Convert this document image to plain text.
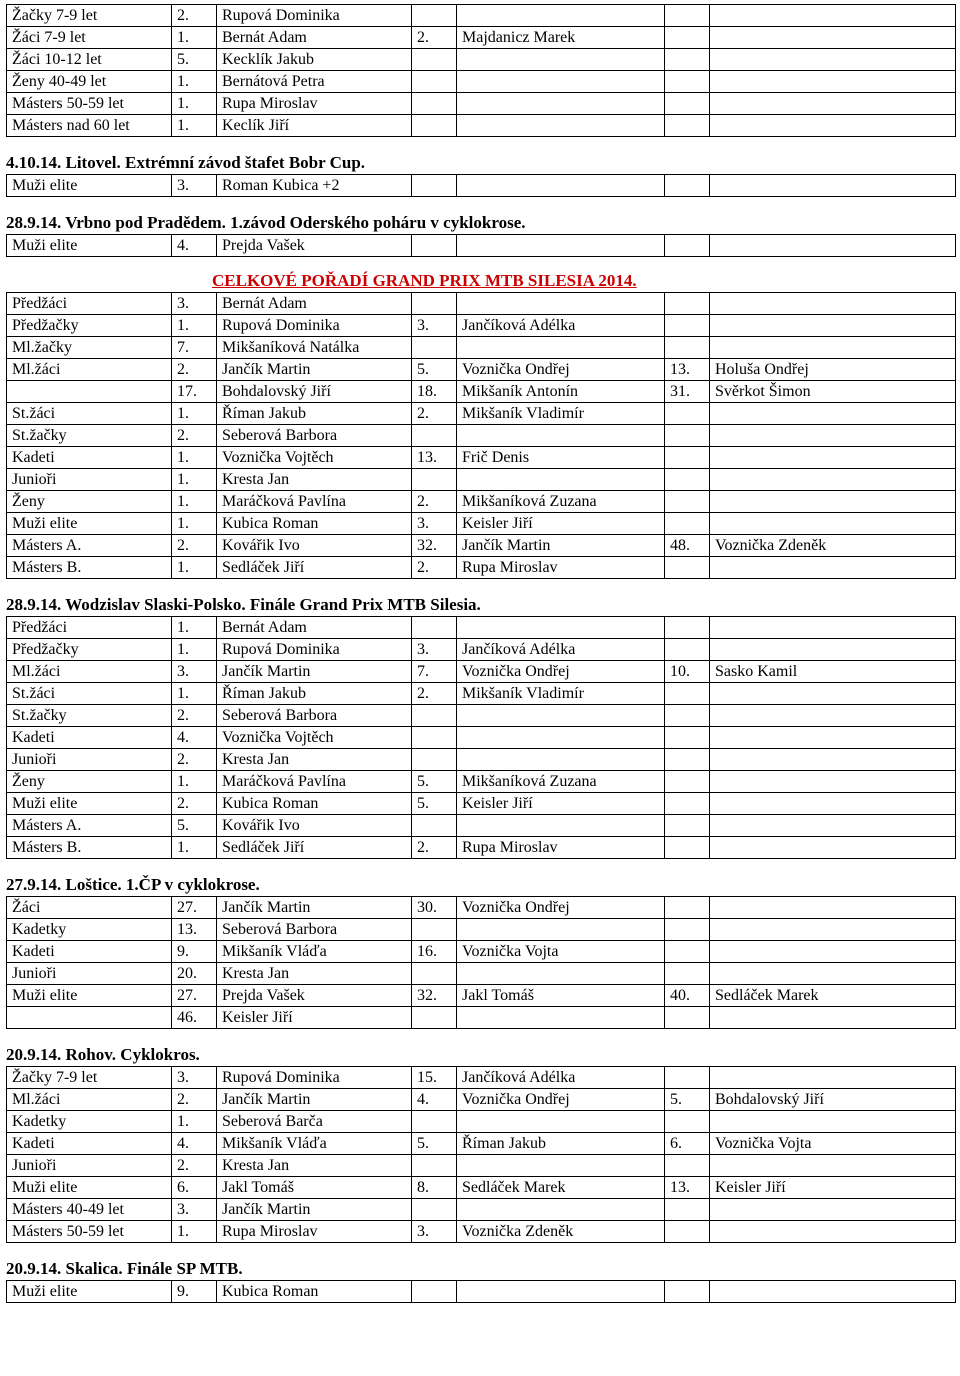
Žačky 7-9 let	2.	Rupová Dominika				
Žáci 7-9 let	1.	Bernát Adam	2.	Majdanicz Marek		
Žáci 10-12 let	5.	Kecklík Jakub				
Ženy 40-49 let	1.	Bernátová Petra				
Másters 50-59 let	1.	Rupa Miroslav				
Másters nad 60 let	1.	Keclík Jiří				
4.10.14. Litovel. Extrémní závod štafet Bobr Cup.
Muži elite	3.	Roman Kubica +2				
28.9.14. Vrbno pod Pradědem. 1.závod Oderského poháru v cyklokrose.
Muži elite	4.	Prejda Vašek				
CELKOVÉ POŘADÍ GRAND PRIX MTB SILESIA 2014.
Předžáci	3.	Bernát Adam				
Předžačky	1.	Rupová Dominika	3.	Jančíková Adélka		
Ml.žačky	7.	Mikšaníková Natálka				
Ml.žáci	2.	Jančík Martin	5.	Voznička Ondřej	13.	Holuša Ondřej
	17.	Bohdalovský Jiří	18.	Mikšaník Antonín	31.	Svěrkot Šimon
St.žáci	1.	Říman Jakub	2.	Mikšaník Vladimír		
St.žačky	2.	Seberová Barbora				
Kadeti	1.	Voznička Vojtěch	13.	Frič Denis		
Junioři	1.	Kresta Jan				
Ženy	1.	Maráčková Pavlína	2.	Mikšaníková Zuzana		
Muži elite	1.	Kubica Roman	3.	Keisler Jiří		
Másters A.	2.	Kovářik Ivo	32.	Jančík Martin	48.	Voznička Zdeněk
Másters B.	1.	Sedláček Jiří	2.	Rupa Miroslav		
28.9.14. Wodzislav Slaski-Polsko. Finále Grand Prix MTB Silesia.
Předžáci	1.	Bernát Adam				
Předžačky	1.	Rupová Dominika	3.	Jančíková Adélka		
Ml.žáci	3.	Jančík Martin	7.	Voznička Ondřej	10.	Sasko Kamil
St.žáci	1.	Říman Jakub	2.	Mikšaník Vladimír		
St.žačky	2.	Seberová Barbora				
Kadeti	4.	Voznička Vojtěch				
Junioři	2.	Kresta Jan				
Ženy	1.	Maráčková Pavlína	5.	Mikšaníková Zuzana		
Muži elite	2.	Kubica Roman	5.	Keisler Jiří		
Másters A.	5.	Kovářik Ivo				
Másters B.	1.	Sedláček Jiří	2.	Rupa Miroslav		
27.9.14. Loštice. 1.ČP v cyklokrose.
Žáci	27.	Jančík Martin	30.	Voznička Ondřej		
Kadetky	13.	Seberová Barbora				
Kadeti	9.	Mikšaník Vláďa	16.	Voznička Vojta		
Junioři	20.	Kresta Jan				
Muži elite	27.	Prejda Vašek	32.	Jakl Tomáš	40.	Sedláček Marek
	46.	Keisler Jiří				
20.9.14. Rohov. Cyklokros.
Žačky 7-9 let	3.	Rupová Dominika	15.	Jančíková Adélka		
Ml.žáci	2.	Jančík Martin	4.	Voznička Ondřej	5.	Bohdalovský Jiří
Kadetky	1.	Seberová Barča				
Kadeti	4.	Mikšaník Vláďa	5.	Říman Jakub	6.	Voznička Vojta
Junioři	2.	Kresta Jan				
Muži elite	6.	Jakl Tomáš	8.	Sedláček Marek	13.	Keisler Jiří
Másters 40-49 let	3.	Jančík Martin				
Másters 50-59 let	1.	Rupa Miroslav	3.	Voznička Zdeněk		
20.9.14. Skalica. Finále SP MTB.
Muži elite	9.	Kubica Roman				
